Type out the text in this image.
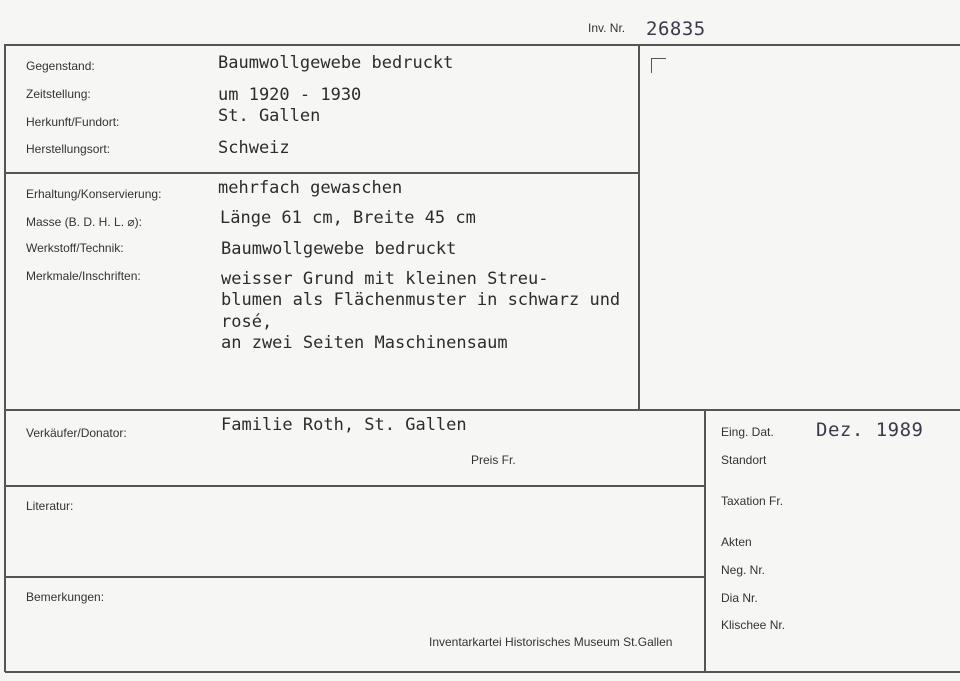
Inv. Nr. 26835
Gegenstand:	Baumwollgewebe bedruckt
Zeitstellung:	um 1920 - 1930
Herkunft/Fundort:	St. Gallen
Herstellungsort:	Schweiz
Erhaltung/Konservierung:	mehrfach gewaschen
Masse (B. D. H. L. ⌀):	Länge 61 cm, Breite 45 cm
Werkstoff/Technik:	Baumwollgewebe bedruckt
Merkmale/Inschriften:	weisser Grund mit kleinen Streu-
blumen als Flächenmuster in schwarz und
rosé,
an zwei Seiten Maschinensaum
Verkäufer/Donator:	Familie Roth, St. Gallen
Preis Fr.
Literatur:
Bemerkungen:
Inventarkartei Historisches Museum St.Gallen
Eing. Dat. Dez. 1989
Standort
Taxation Fr.
Akten
Neg. Nr.
Dia Nr.
Klischee Nr.
